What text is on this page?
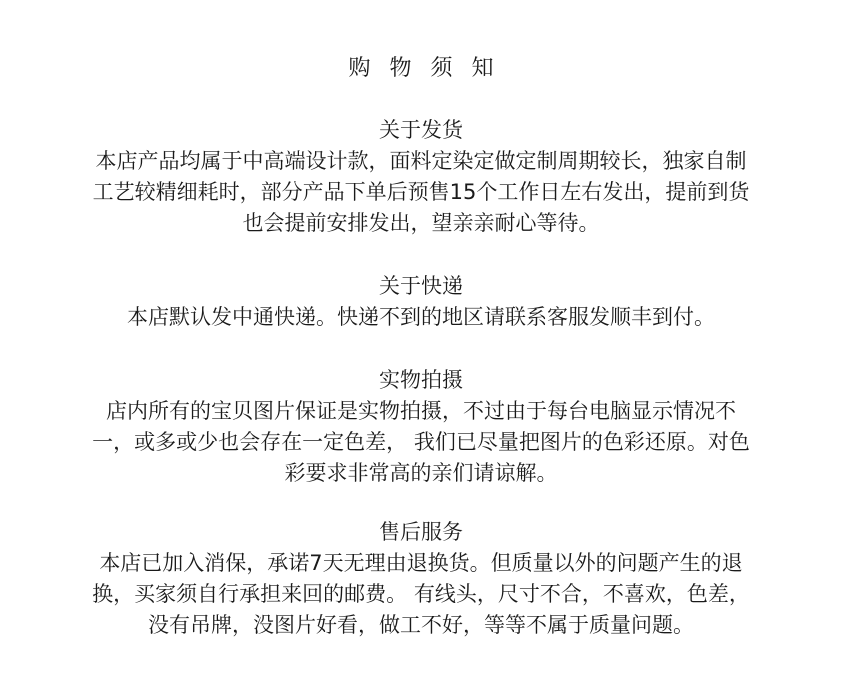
购 物 须 知
关于发货

本店产品均属于中高端设计款，面料定染定做定制周期较长，独家自制

工艺较精细耗时，部分产品下单后预售15个工作日左右发出，提前到货

也会提前安排发出，望亲亲耐心等待。

关于快递

本店默认发中通快递。快递不到的地区请联系客服发顺丰到付。

实物拍摄

店内所有的宝贝图片保证是实物拍摄，不过由于每台电脑显示情况不

一，或多或少也会存在一定色差， 我们已尽量把图片的色彩还原。对色

彩要求非常高的亲们请谅解。

售后服务

本店已加入消保，承诺7天无理由退换货。但质量以外的问题产生的退

换，买家须自行承担来回的邮费。 有线头，尺寸不合，不喜欢，色差，

没有吊牌，没图片好看，做工不好，等等不属于质量问题。
